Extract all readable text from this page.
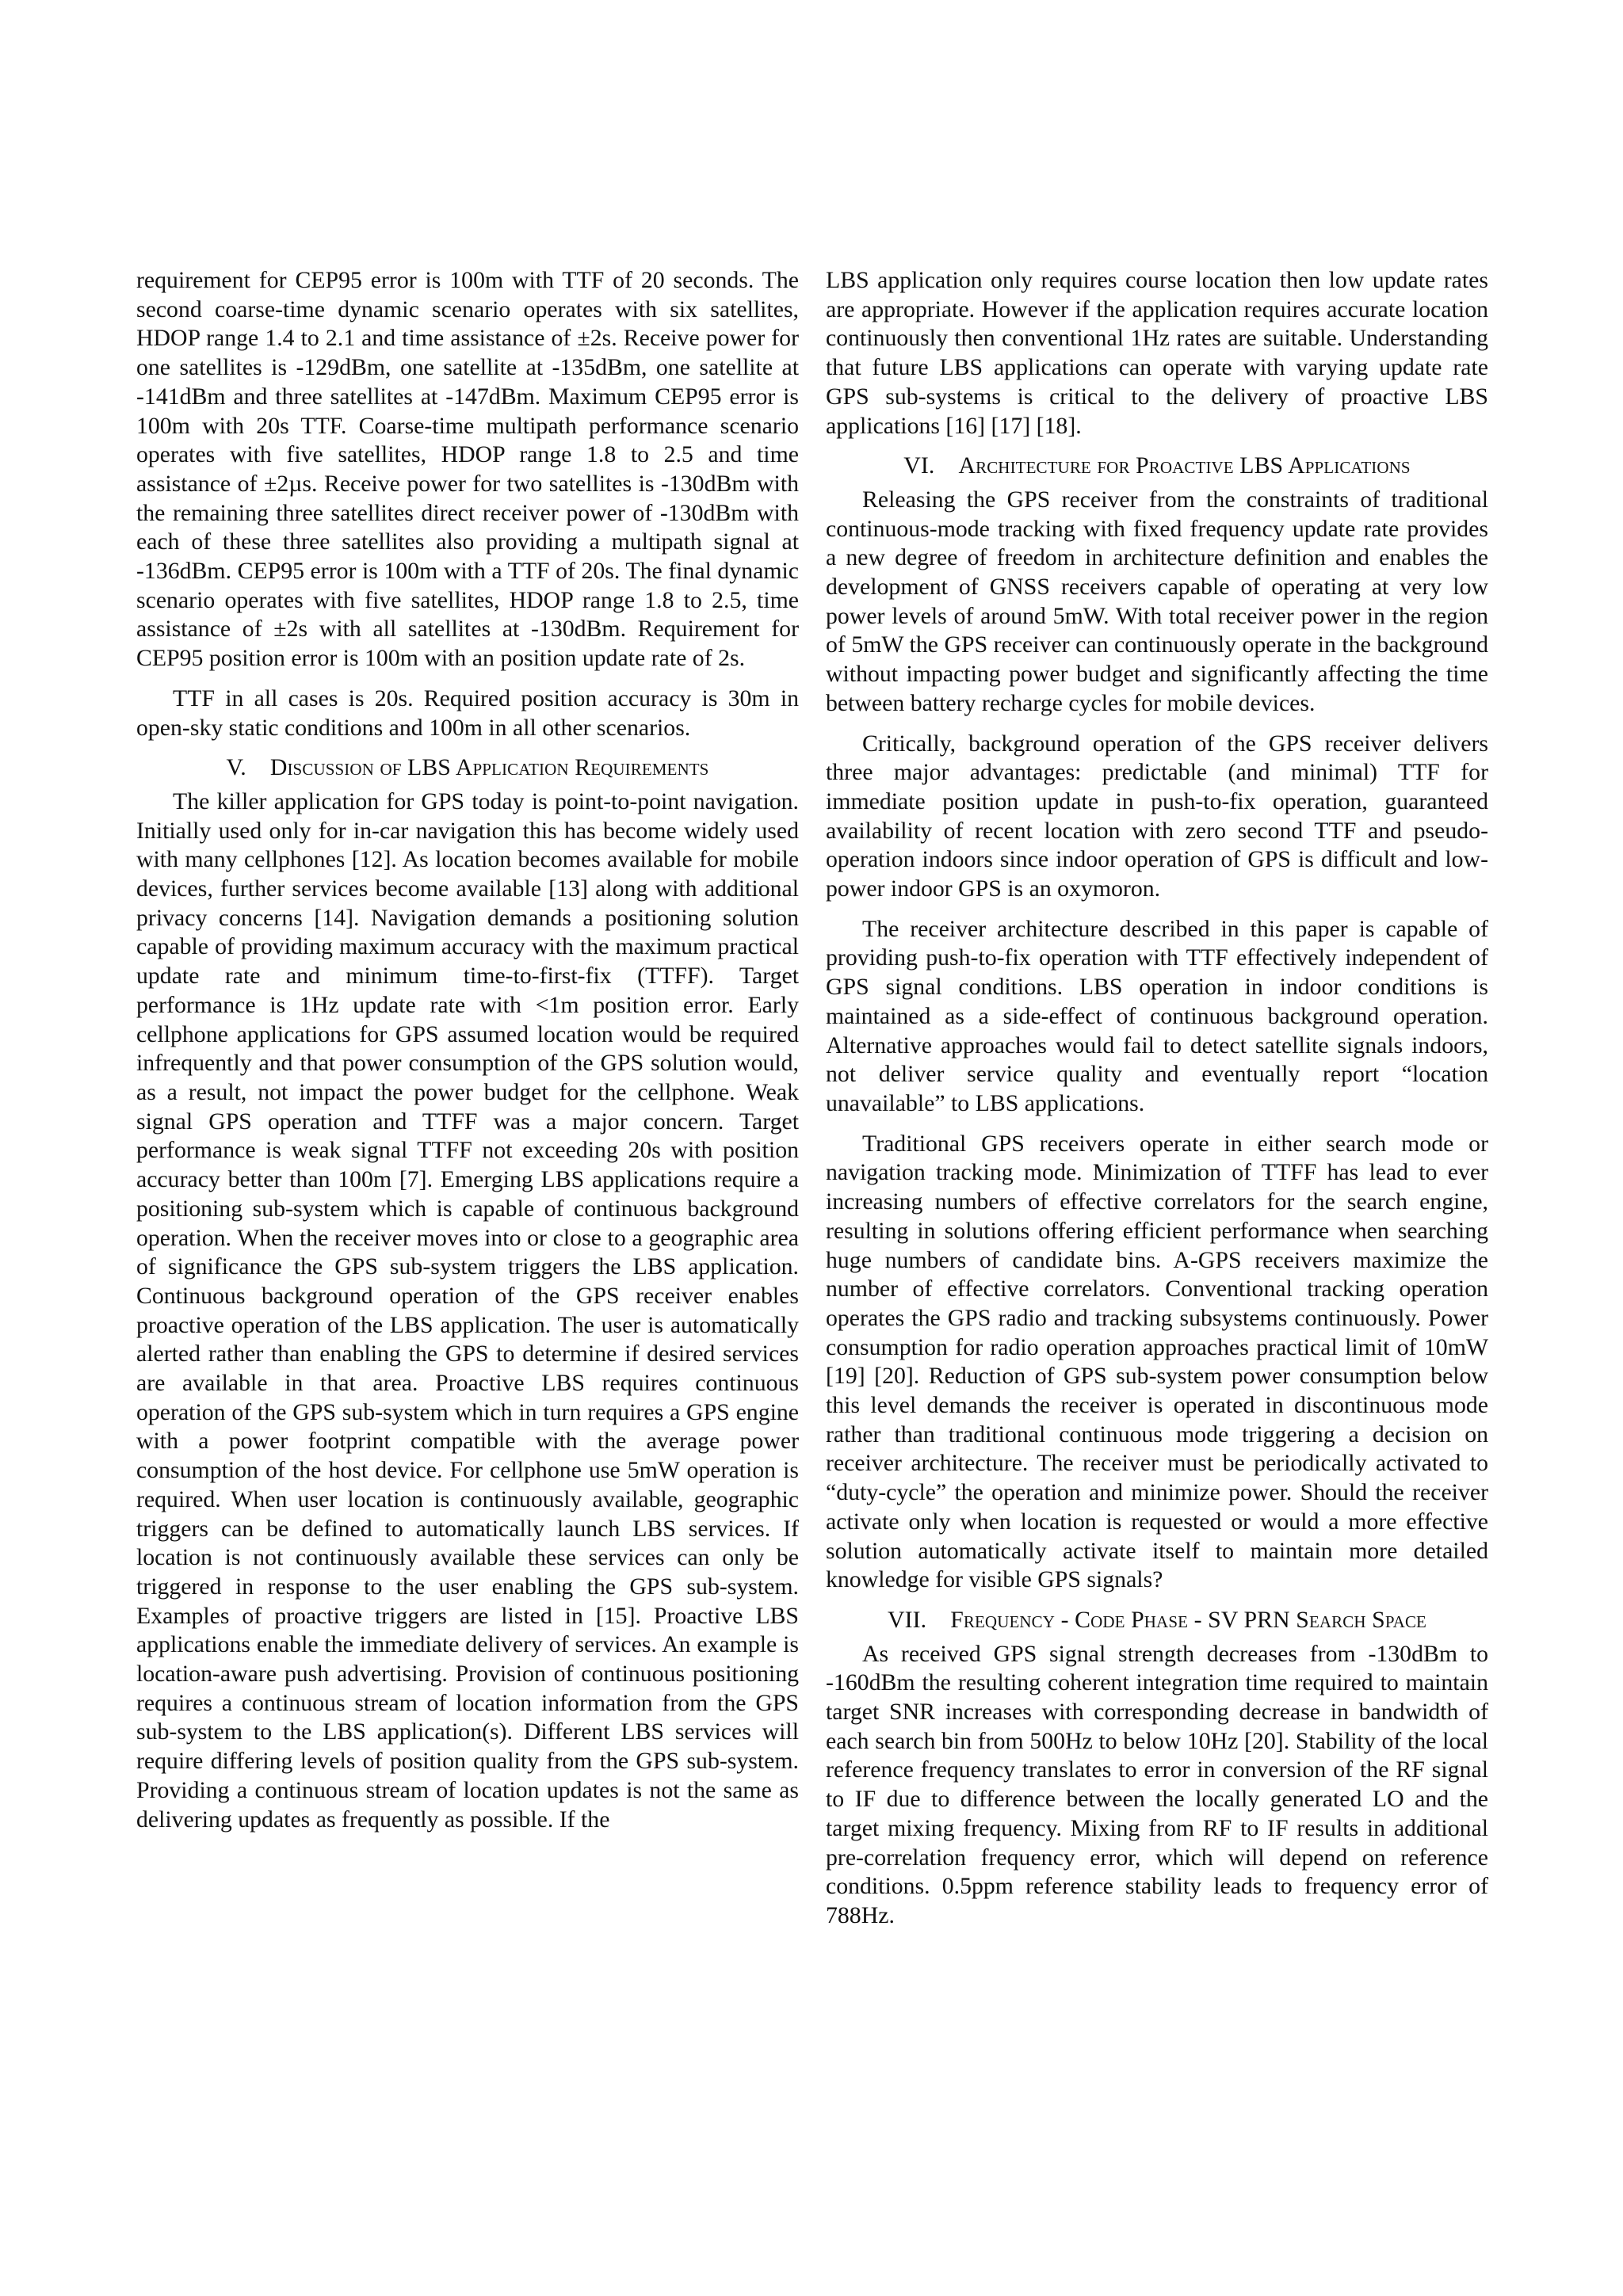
requirement for CEP95 error is 100m with TTF of 20 seconds. The second coarse-time dynamic scenario operates with six satellites, HDOP range 1.4 to 2.1 and time assistance of ±2s. Receive power for one satellites is -129dBm, one satellite at -135dBm, one satellite at -141dBm and three satellites at -147dBm. Maximum CEP95 error is 100m with 20s TTF. Coarse-time multipath performance scenario operates with five satellites, HDOP range 1.8 to 2.5 and time assistance of ±2µs. Receive power for two satellites is -130dBm with the remaining three satellites direct receiver power of -130dBm with each of these three satellites also providing a multipath signal at -136dBm. CEP95 error is 100m with a TTF of 20s. The final dynamic scenario operates with five satellites, HDOP range 1.8 to 2.5, time assistance of ±2s with all satellites at -130dBm. Requirement for CEP95 position error is 100m with an position update rate of 2s.

TTF in all cases is 20s. Required position accuracy is 30m in open-sky static conditions and 100m in all other scenarios.

V. Discussion of LBS Application Requirements

The killer application for GPS today is point-to-point navigation. Initially used only for in-car navigation this has become widely used with many cellphones [12]. As location becomes available for mobile devices, further services become available [13] along with additional privacy concerns [14]. Navigation demands a positioning solution capable of providing maximum accuracy with the maximum practical update rate and minimum time-to-first-fix (TTFF). Target performance is 1Hz update rate with <1m position error. Early cellphone applications for GPS assumed location would be required infrequently and that power consumption of the GPS solution would, as a result, not impact the power budget for the cellphone. Weak signal GPS operation and TTFF was a major concern. Target performance is weak signal TTFF not exceeding 20s with position accuracy better than 100m [7]. Emerging LBS applications require a positioning sub-system which is capable of continuous background operation. When the receiver moves into or close to a geographic area of significance the GPS sub-system triggers the LBS application. Continuous background operation of the GPS receiver enables proactive operation of the LBS application. The user is automatically alerted rather than enabling the GPS to determine if desired services are available in that area. Proactive LBS requires continuous operation of the GPS sub-system which in turn requires a GPS engine with a power footprint compatible with the average power consumption of the host device. For cellphone use 5mW operation is required. When user location is continuously available, geographic triggers can be defined to automatically launch LBS services. If location is not continuously available these services can only be triggered in response to the user enabling the GPS sub-system. Examples of proactive triggers are listed in [15]. Proactive LBS applications enable the immediate delivery of services. An example is location-aware push advertising. Provision of continuous positioning requires a continuous stream of location information from the GPS sub-system to the LBS application(s). Different LBS services will require differing levels of position quality from the GPS sub-system. Providing a continuous stream of location updates is not the same as delivering updates as frequently as possible. If the

LBS application only requires course location then low update rates are appropriate. However if the application requires accurate location continuously then conventional 1Hz rates are suitable. Understanding that future LBS applications can operate with varying update rate GPS sub-systems is critical to the delivery of proactive LBS applications [16] [17] [18].

VI. Architecture for Proactive LBS Applications

Releasing the GPS receiver from the constraints of traditional continuous-mode tracking with fixed frequency update rate provides a new degree of freedom in architecture definition and enables the development of GNSS receivers capable of operating at very low power levels of around 5mW. With total receiver power in the region of 5mW the GPS receiver can continuously operate in the background without impacting power budget and significantly affecting the time between battery recharge cycles for mobile devices.

Critically, background operation of the GPS receiver delivers three major advantages: predictable (and minimal) TTF for immediate position update in push-to-fix operation, guaranteed availability of recent location with zero second TTF and pseudo-operation indoors since indoor operation of GPS is difficult and low-power indoor GPS is an oxymoron.

The receiver architecture described in this paper is capable of providing push-to-fix operation with TTF effectively independent of GPS signal conditions. LBS operation in indoor conditions is maintained as a side-effect of continuous background operation. Alternative approaches would fail to detect satellite signals indoors, not deliver service quality and eventually report “location unavailable” to LBS applications.

Traditional GPS receivers operate in either search mode or navigation tracking mode. Minimization of TTFF has lead to ever increasing numbers of effective correlators for the search engine, resulting in solutions offering efficient performance when searching huge numbers of candidate bins. A-GPS receivers maximize the number of effective correlators. Conventional tracking operation operates the GPS radio and tracking subsystems continuously. Power consumption for radio operation approaches practical limit of 10mW [19] [20]. Reduction of GPS sub-system power consumption below this level demands the receiver is operated in discontinuous mode rather than traditional continuous mode triggering a decision on receiver architecture. The receiver must be periodically activated to “duty-cycle” the operation and minimize power. Should the receiver activate only when location is requested or would a more effective solution automatically activate itself to maintain more detailed knowledge for visible GPS signals?

VII. Frequency - Code Phase - SV PRN Search Space

As received GPS signal strength decreases from -130dBm to -160dBm the resulting coherent integration time required to maintain target SNR increases with corresponding decrease in bandwidth of each search bin from 500Hz to below 10Hz [20]. Stability of the local reference frequency translates to error in conversion of the RF signal to IF due to difference between the locally generated LO and the target mixing frequency. Mixing from RF to IF results in additional pre-correlation frequency error, which will depend on reference conditions. 0.5ppm reference stability leads to frequency error of 788Hz.
